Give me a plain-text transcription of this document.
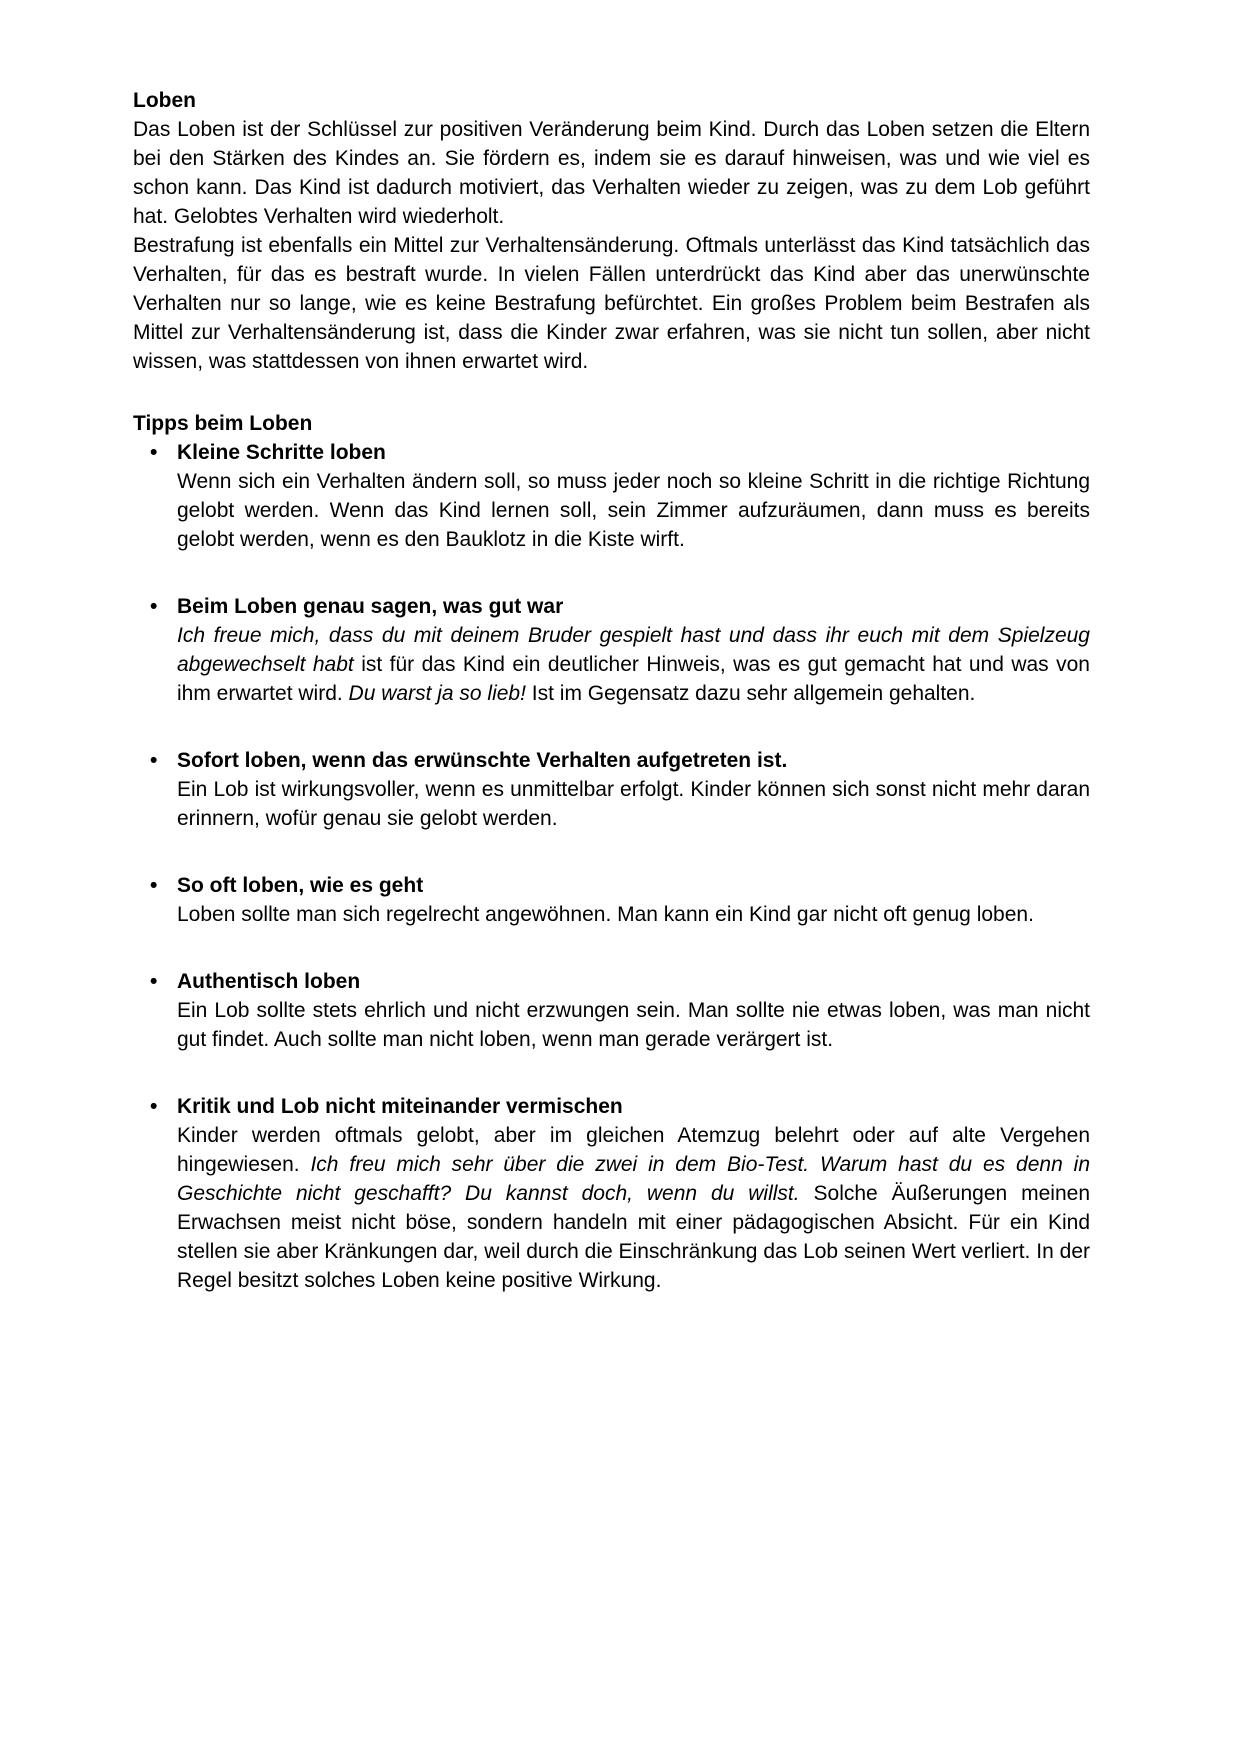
Loben

Das Loben ist der Schlüssel zur positiven Veränderung beim Kind. Durch das Loben setzen die Eltern bei den Stärken des Kindes an. Sie fördern es, indem sie es darauf hinweisen, was und wie viel es schon kann. Das Kind ist dadurch motiviert, das Verhalten wieder zu zeigen, was zu dem Lob geführt hat. Gelobtes Verhalten wird wiederholt.

Bestrafung ist ebenfalls ein Mittel zur Verhaltensänderung. Oftmals unterlässt das Kind tatsächlich das Verhalten, für das es bestraft wurde. In vielen Fällen unterdrückt das Kind aber das unerwünschte Verhalten nur so lange, wie es keine Bestrafung befürchtet. Ein großes Problem beim Bestrafen als Mittel zur Verhaltensänderung ist, dass die Kinder zwar erfahren, was sie nicht tun sollen, aber nicht wissen, was stattdessen von ihnen erwartet wird.

Tipps beim Loben
• Kleine Schritte loben
Wenn sich ein Verhalten ändern soll, so muss jeder noch so kleine Schritt in die richtige Richtung gelobt werden. Wenn das Kind lernen soll, sein Zimmer aufzuräumen, dann muss es bereits gelobt werden, wenn es den Bauklotz in die Kiste wirft.
• Beim Loben genau sagen, was gut war
Ich freue mich, dass du mit deinem Bruder gespielt hast und dass ihr euch mit dem Spielzeug abgewechselt habt ist für das Kind ein deutlicher Hinweis, was es gut gemacht hat und was von ihm erwartet wird. Du warst ja so lieb! Ist im Gegensatz dazu sehr allgemein gehalten.
• Sofort loben, wenn das erwünschte Verhalten aufgetreten ist.
Ein Lob ist wirkungsvoller, wenn es unmittelbar erfolgt. Kinder können sich sonst nicht mehr daran erinnern, wofür genau sie gelobt werden.
• So oft loben, wie es geht
Loben sollte man sich regelrecht angewöhnen. Man kann ein Kind gar nicht oft genug loben.
• Authentisch loben
Ein Lob sollte stets ehrlich und nicht erzwungen sein. Man sollte nie etwas loben, was man nicht gut findet. Auch sollte man nicht loben, wenn man gerade verärgert ist.
• Kritik und Lob nicht miteinander vermischen
Kinder werden oftmals gelobt, aber im gleichen Atemzug belehrt oder auf alte Vergehen hingewiesen. Ich freu mich sehr über die zwei in dem Bio-Test. Warum hast du es denn in Geschichte nicht geschafft? Du kannst doch, wenn du willst. Solche Äußerungen meinen Erwachsen meist nicht böse, sondern handeln mit einer pädagogischen Absicht. Für ein Kind stellen sie aber Kränkungen dar, weil durch die Einschränkung das Lob seinen Wert verliert. In der Regel besitzt solches Loben keine positive Wirkung.
